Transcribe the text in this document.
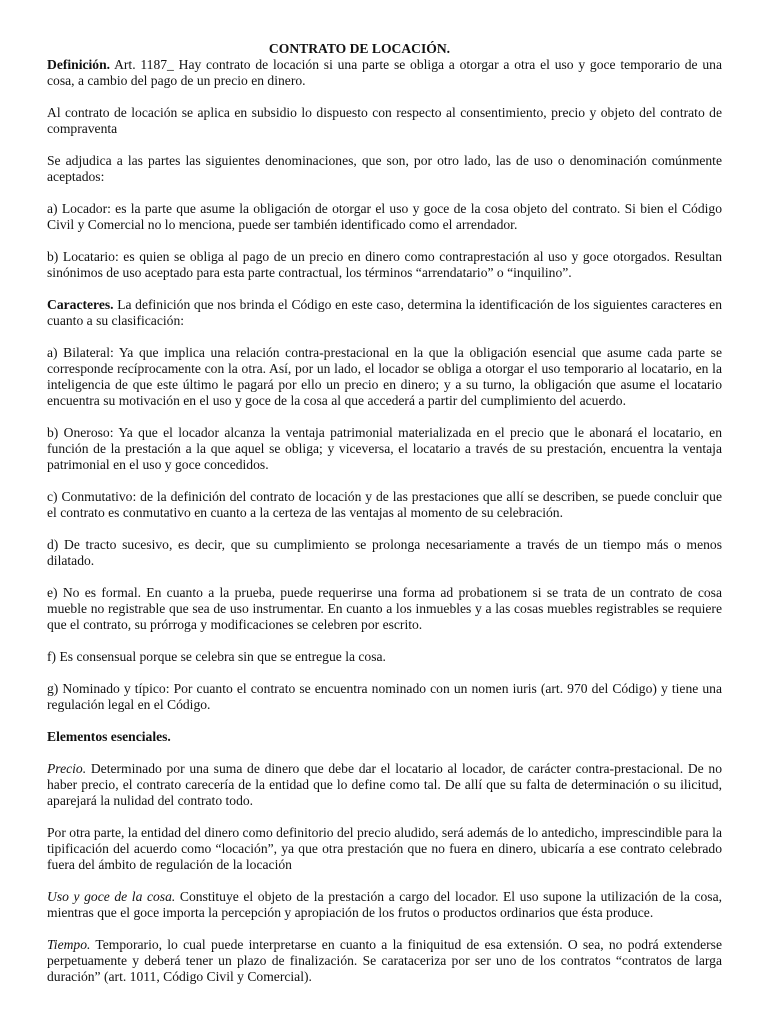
CONTRATO DE LOCACIÓN.

Definición. Art. 1187_ Hay contrato de locación si una parte se obliga a otorgar a otra el uso y goce temporario de una cosa, a cambio del pago de un precio en dinero.

Al contrato de locación se aplica en subsidio lo dispuesto con respecto al consentimiento, precio y objeto del contrato de compraventa

Se adjudica a las partes las siguientes denominaciones, que son, por otro lado, las de uso o denominación comúnmente aceptados:

a) Locador: es la parte que asume la obligación de otorgar el uso y goce de la cosa objeto del contrato. Si bien el Código Civil y Comercial no lo menciona, puede ser también identificado como el arrendador.

b) Locatario: es quien se obliga al pago de un precio en dinero como contraprestación al uso y goce otorgados. Resultan sinónimos de uso aceptado para esta parte contractual, los términos “arrendatario” o “inquilino”.

Caracteres. La definición que nos brinda el Código en este caso, determina la identificación de los siguientes caracteres en cuanto a su clasificación:

a) Bilateral: Ya que implica una relación contra-prestacional en la que la obligación esencial que asume cada parte se corresponde recíprocamente con la otra. Así, por un lado, el locador se obliga a otorgar el uso temporario al locatario, en la inteligencia de que este último le pagará por ello un precio en dinero; y a su turno, la obligación que asume el locatario encuentra su motivación en el uso y goce de la cosa al que accederá a partir del cumplimiento del acuerdo.

b) Oneroso: Ya que el locador alcanza la ventaja patrimonial materializada en el precio que le abonará el locatario, en función de la prestación a la que aquel se obliga; y viceversa, el locatario a través de su prestación, encuentra la ventaja patrimonial en el uso y goce concedidos.

c) Conmutativo: de la definición del contrato de locación y de las prestaciones que allí se describen, se puede concluir que el contrato es conmutativo en cuanto a la certeza de las ventajas al momento de su celebración.

d) De tracto sucesivo, es decir, que su cumplimiento se prolonga necesariamente a través de un tiempo más o menos dilatado.

e) No es formal. En cuanto a la prueba, puede requerirse una forma ad probationem si se trata de un contrato de cosa mueble no registrable que sea de uso instrumentar. En cuanto a los inmuebles y a las cosas muebles registrables se requiere que el contrato, su prórroga y modificaciones se celebren por escrito.

f) Es consensual porque se celebra sin que se entregue la cosa.

g) Nominado y típico: Por cuanto el contrato se encuentra nominado con un nomen iuris (art. 970 del Código) y tiene una regulación legal en el Código.

Elementos esenciales.

Precio. Determinado por una suma de dinero que debe dar el locatario al locador, de carácter contra-prestacional. De no haber precio, el contrato carecería de la entidad que lo define como tal. De allí que su falta de determinación o su ilicitud, aparejará la nulidad del contrato todo.

Por otra parte, la entidad del dinero como definitorio del precio aludido, será además de lo antedicho, imprescindible para la tipificación del acuerdo como “locación”, ya que otra prestación que no fuera en dinero, ubicaría a ese contrato celebrado fuera del ámbito de regulación de la locación

Uso y goce de la cosa. Constituye el objeto de la prestación a cargo del locador. El uso supone la utilización de la cosa, mientras que el goce importa la percepción y apropiación de los frutos o productos ordinarios que ésta produce.

Tiempo. Temporario, lo cual puede interpretarse en cuanto a la finiquitud de esa extensión. O sea, no podrá extenderse perpetuamente y deberá tener un plazo de finalización. Se carataceriza por ser uno de los contratos “contratos de larga duración” (art. 1011, Código Civil y Comercial).
